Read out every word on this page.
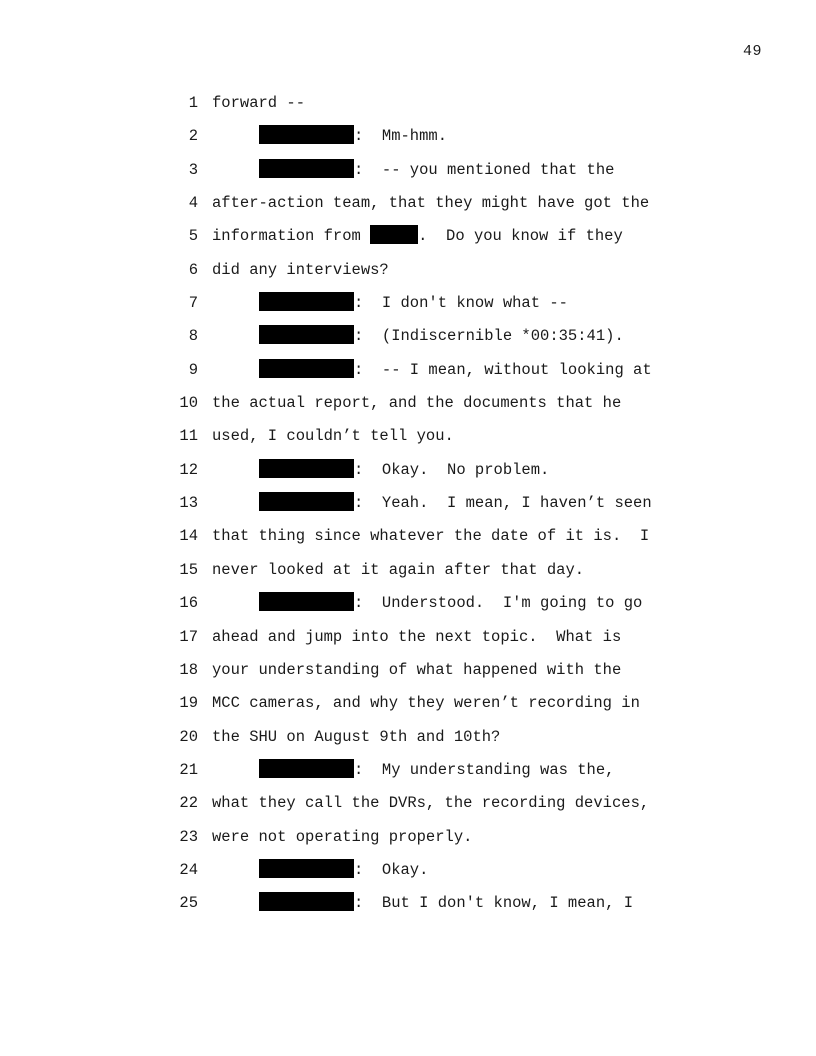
49
1 forward --
2	:  Mm-hmm.
3	:  -- you mentioned that the
4 after-action team, that they might have got the
5 information from	.  Do you know if they
6 did any interviews?
7	:  I don't know what --
8	:  (Indiscernible *00:35:41).
9	:  -- I mean, without looking at
10 the actual report, and the documents that he
11 used, I couldn’t tell you.
12	:  Okay.  No problem.
13	:  Yeah.  I mean, I haven’t seen
14 that thing since whatever the date of it is.  I
15 never looked at it again after that day.
16	:  Understood.  I'm going to go
17 ahead and jump into the next topic.  What is
18 your understanding of what happened with the
19 MCC cameras, and why they weren’t recording in
20 the SHU on August 9th and 10th?
21	:  My understanding was the,
22 what they call the DVRs, the recording devices,
23 were not operating properly.
24	:  Okay.
25	:  But I don't know, I mean, I
